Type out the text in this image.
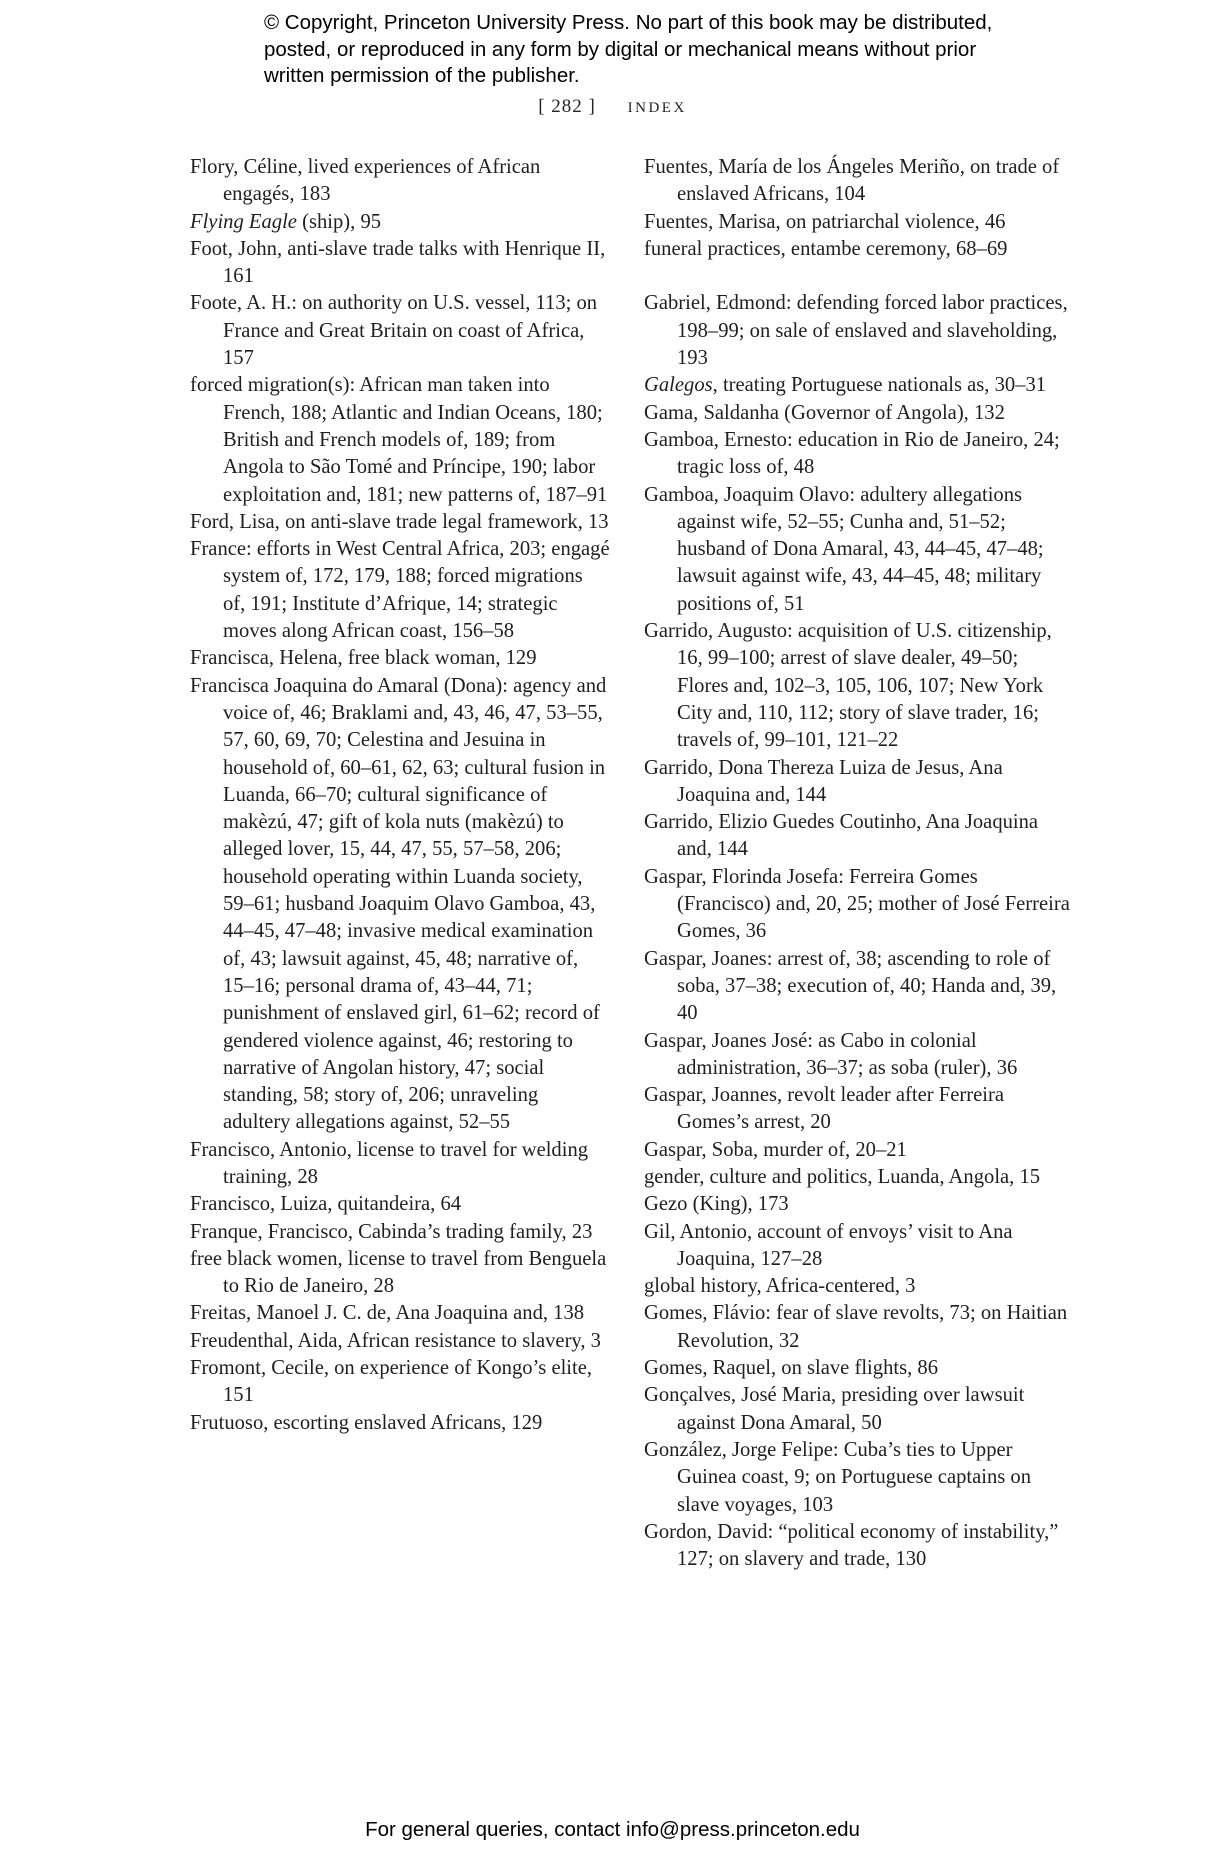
© Copyright, Princeton University Press. No part of this book may be distributed, posted, or reproduced in any form by digital or mechanical means without prior written permission of the publisher.
[ 282 ] index
Flory, Céline, lived experiences of African engagés, 183
Flying Eagle (ship), 95
Foot, John, anti-slave trade talks with Henrique II, 161
Foote, A. H.: on authority on U.S. vessel, 113; on France and Great Britain on coast of Africa, 157
forced migration(s): African man taken into French, 188; Atlantic and Indian Oceans, 180; British and French models of, 189; from Angola to São Tomé and Príncipe, 190; labor exploitation and, 181; new patterns of, 187–91
Ford, Lisa, on anti-slave trade legal framework, 13
France: efforts in West Central Africa, 203; engagé system of, 172, 179, 188; forced migrations of, 191; Institute d’Afrique, 14; strategic moves along African coast, 156–58
Francisca, Helena, free black woman, 129
Francisca Joaquina do Amaral (Dona): agency and voice of, 46; Braklami and, 43, 46, 47, 53–55, 57, 60, 69, 70; Celestina and Jesuina in household of, 60–61, 62, 63; cultural fusion in Luanda, 66–70; cultural significance of makèzú, 47; gift of kola nuts (makèzú) to alleged lover, 15, 44, 47, 55, 57–58, 206; household operating within Luanda society, 59–61; husband Joaquim Olavo Gamboa, 43, 44–45, 47–48; invasive medical examination of, 43; lawsuit against, 45, 48; narrative of, 15–16; personal drama of, 43–44, 71; punishment of enslaved girl, 61–62; record of gendered violence against, 46; restoring to narrative of Angolan history, 47; social standing, 58; story of, 206; unraveling adultery allegations against, 52–55
Francisco, Antonio, license to travel for welding training, 28
Francisco, Luiza, quitandeira, 64
Franque, Francisco, Cabinda’s trading family, 23
free black women, license to travel from Benguela to Rio de Janeiro, 28
Freitas, Manoel J. C. de, Ana Joaquina and, 138
Freudenthal, Aida, African resistance to slavery, 3
Fromont, Cecile, on experience of Kongo’s elite, 151
Frutuoso, escorting enslaved Africans, 129
Fuentes, María de los Ángeles Meriño, on trade of enslaved Africans, 104
Fuentes, Marisa, on patriarchal violence, 46
funeral practices, entambe ceremony, 68–69
Gabriel, Edmond: defending forced labor practices, 198–99; on sale of enslaved and slaveholding, 193
Galegos, treating Portuguese nationals as, 30–31
Gama, Saldanha (Governor of Angola), 132
Gamboa, Ernesto: education in Rio de Janeiro, 24; tragic loss of, 48
Gamboa, Joaquim Olavo: adultery allegations against wife, 52–55; Cunha and, 51–52; husband of Dona Amaral, 43, 44–45, 47–48; lawsuit against wife, 43, 44–45, 48; military positions of, 51
Garrido, Augusto: acquisition of U.S. citizenship, 16, 99–100; arrest of slave dealer, 49–50; Flores and, 102–3, 105, 106, 107; New York City and, 110, 112; story of slave trader, 16; travels of, 99–101, 121–22
Garrido, Dona Thereza Luiza de Jesus, Ana Joaquina and, 144
Garrido, Elizio Guedes Coutinho, Ana Joaquina and, 144
Gaspar, Florinda Josefa: Ferreira Gomes (Francisco) and, 20, 25; mother of José Ferreira Gomes, 36
Gaspar, Joanes: arrest of, 38; ascending to role of soba, 37–38; execution of, 40; Handa and, 39, 40
Gaspar, Joanes José: as Cabo in colonial administration, 36–37; as soba (ruler), 36
Gaspar, Joannes, revolt leader after Ferreira Gomes’s arrest, 20
Gaspar, Soba, murder of, 20–21
gender, culture and politics, Luanda, Angola, 15
Gezo (King), 173
Gil, Antonio, account of envoys’ visit to Ana Joaquina, 127–28
global history, Africa-centered, 3
Gomes, Flávio: fear of slave revolts, 73; on Haitian Revolution, 32
Gomes, Raquel, on slave flights, 86
Gonçalves, José Maria, presiding over lawsuit against Dona Amaral, 50
González, Jorge Felipe: Cuba’s ties to Upper Guinea coast, 9; on Portuguese captains on slave voyages, 103
Gordon, David: “political economy of instability,” 127; on slavery and trade, 130
For general queries, contact info@press.princeton.edu
